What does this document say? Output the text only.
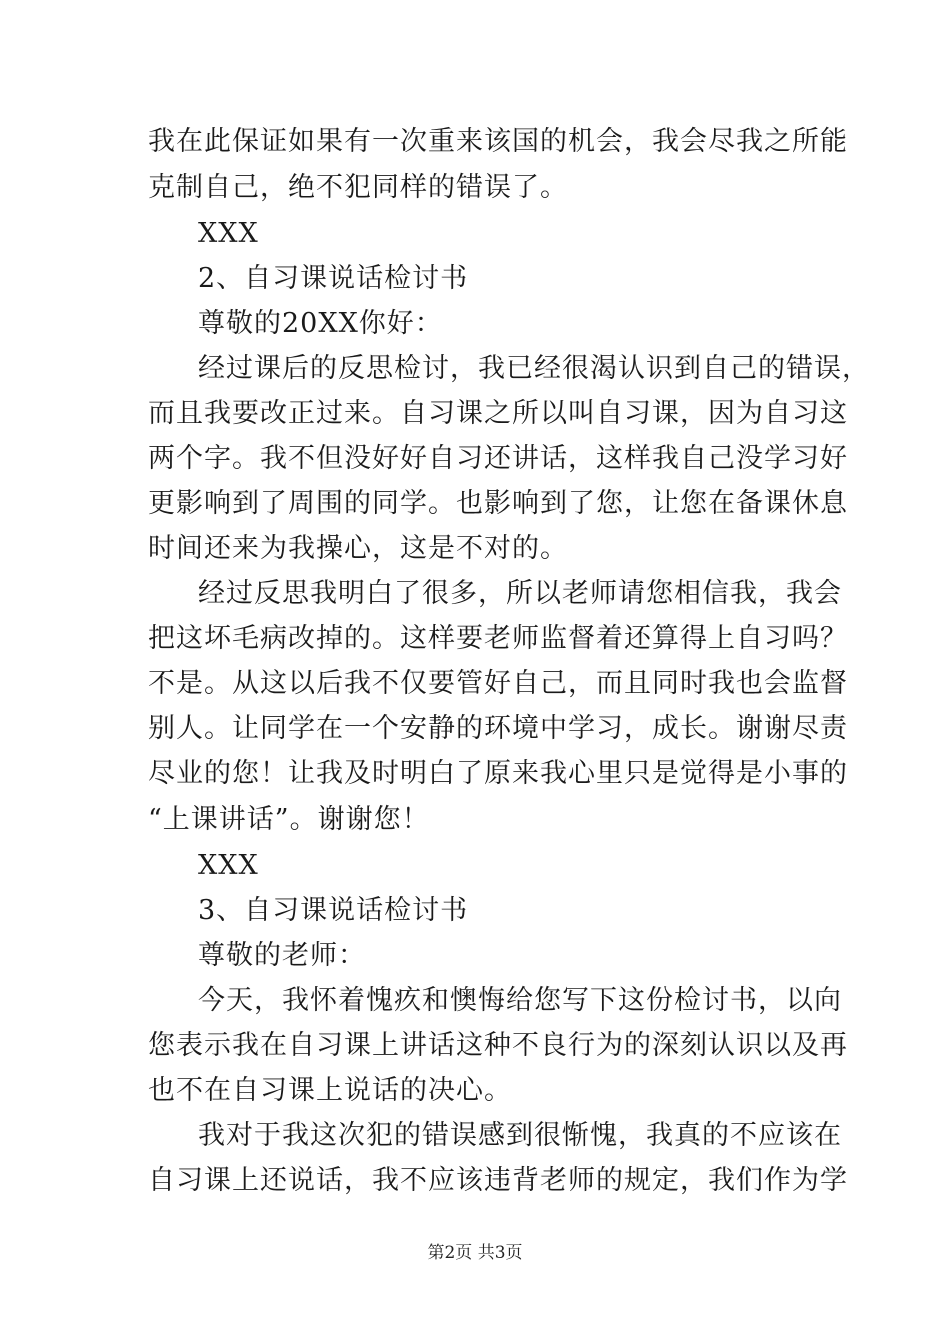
我在此保证如果有一次重来该国的机会，我会尽我之所能
克制自己，绝不犯同样的错误了。
XXX
2、自习课说话检讨书
尊敬的20XX你好：
经过课后的反思检讨，我已经很渴认识到自己的错误，
而且我要改正过来。自习课之所以叫自习课，因为自习这
两个字。我不但没好好自习还讲话，这样我自己没学习好
更影响到了周围的同学。也影响到了您，让您在备课休息
时间还来为我操心，这是不对的。
经过反思我明白了很多，所以老师请您相信我，我会
把这坏毛病改掉的。这样要老师监督着还算得上自习吗？
不是。从这以后我不仅要管好自己，而且同时我也会监督
别人。让同学在一个安静的环境中学习，成长。谢谢尽责
尽业的您！让我及时明白了原来我心里只是觉得是小事的
“上课讲话”。谢谢您！
XXX
3、自习课说话检讨书
尊敬的老师：
今天，我怀着愧疚和懊悔给您写下这份检讨书，以向
您表示我在自习课上讲话这种不良行为的深刻认识以及再
也不在自习课上说话的决心。
我对于我这次犯的错误感到很惭愧，我真的不应该在
自习课上还说话，我不应该违背老师的规定，我们作为学
第2页 共3页
